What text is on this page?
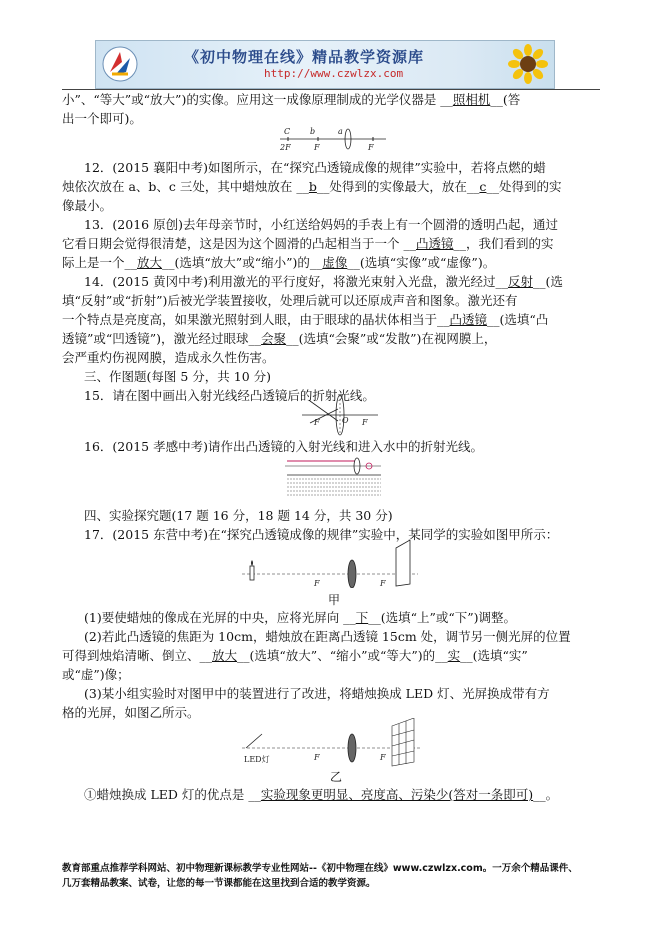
《初中物理在线》精品教学资源库
http://www.czwlzx.com
小”、“等大”或“放大”)的实像。应用这一成像原理制成的光学仪器是 __照相机__(答
出一个即可)。
C
2F
b
F
a
F
12．(2015 襄阳中考)如图所示，在“探究凸透镜成像的规律”实验中，若将点燃的蜡
烛依次放在 a、b、c 三处，其中蜡烛放在 __b__处得到的实像最大，放在__c__处得到的实
像最小。
13．(2016 原创)去年母亲节时，小红送给妈妈的手表上有一个圆滑的透明凸起，通过
它看日期会觉得很清楚，这是因为这个圆滑的凸起相当于一个 __凸透镜__，我们看到的实
际上是一个__放大__(选填“放大”或“缩小”)的__虚像__(选填“实像”或“虚像”)。
14．(2015 黄冈中考)利用激光的平行度好，将激光束射入光盘，激光经过__反射__(选
填“反射”或“折射”)后被光学装置接收，处理后就可以还原成声音和图象。激光还有
一个特点是亮度高，如果激光照射到人眼，由于眼球的晶状体相当于__凸透镜__(选填“凸
透镜”或“凹透镜”)，激光经过眼球__会聚__(选填“会聚”或“发散”)在视网膜上，
会严重灼伤视网膜，造成永久性伤害。
三、作图题(每图 5 分，共 10 分)
15．请在图中画出入射光线经凸透镜后的折射光线。
F	O F
16．(2015 孝感中考)请作出凸透镜的入射光线和进入水中的折射光线。
四、实验探究题(17 题 16 分，18 题 14 分，共 30 分)
17．(2015 东营中考)在“探究凸透镜成像的规律”实验中，某同学的实验如图甲所示：
F	F
甲
(1)要使蜡烛的像成在光屏的中央，应将光屏向 __下__(选填“上”或“下”)调整。
(2)若此凸透镜的焦距为 10cm，蜡烛放在距离凸透镜 15cm 处，调节另一侧光屏的位置
可得到烛焰清晰、倒立、__放大__(选填“放大”、“缩小”或“等大”)的__实__(选填“实”
或“虚”)像；
(3)某小组实验时对图甲中的装置进行了改进，将蜡烛换成 LED 灯、光屏换成带有方
格的光屏，如图乙所示。
LED灯	F	F
乙
①蜡烛换成 LED 灯的优点是 __实验现象更明显、亮度高、污染少(答对一条即可)__。
教育部重点推荐学科网站、初中物理新课标教学专业性网站--《初中物理在线》www.czwlzx.com。一万余个精品课件、
几万套精品教案、试卷，让您的每一节课都能在这里找到合适的教学资源。
